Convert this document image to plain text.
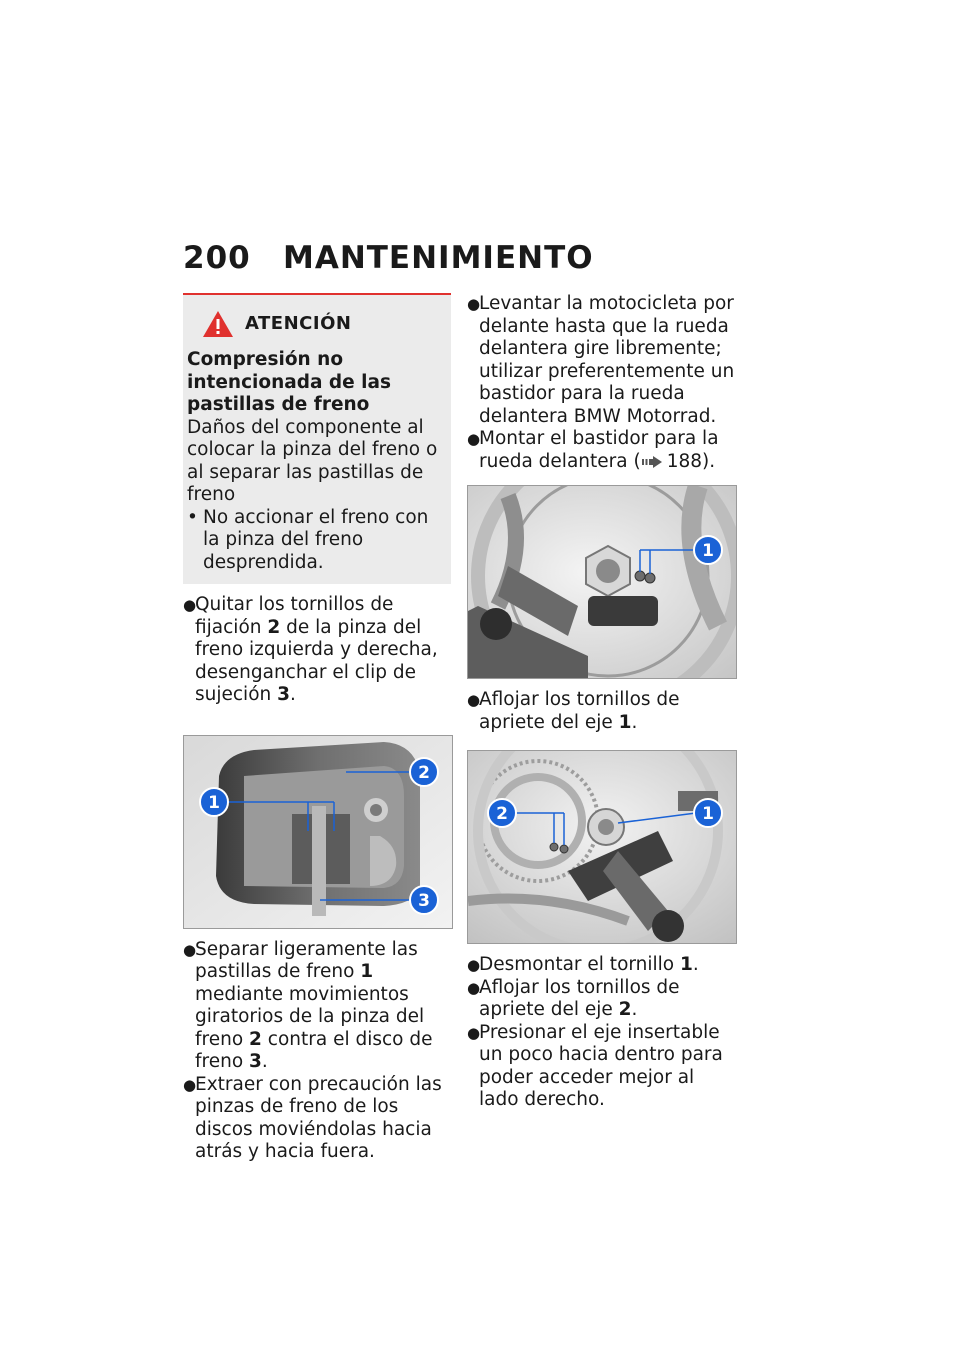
200 MANTENIMIENTO
ATENCIÓN
Compresión no intencionada de las pastillas de freno
Daños del componente al colocar la pinza del freno o al separar las pastillas de freno
• No accionar el freno con la pinza del freno desprendida.
●
Quitar los tornillos de fijación 2 de la pinza del freno izquierda y derecha, desenganchar el clip de sujeción 3.
1
2
3
●
Separar ligeramente las pastillas de freno 1 mediante movimientos giratorios de la pinza del freno 2 contra el disco de freno 3.
●
Extraer con precaución las pinzas de freno de los discos moviéndolas hacia atrás y hacia fuera.
●
Levantar la motocicleta por delante hasta que la rueda delantera gire libremente; utilizar preferentemente un bastidor para la rueda delantera BMW Motorrad.
●
Montar el bastidor para la rueda delantera ( 188).
1
●
Aflojar los tornillos de apriete del eje 1.
2	1
●
Desmontar el tornillo 1.
●
Aflojar los tornillos de apriete del eje 2.
●
Presionar el eje insertable un poco hacia dentro para poder acceder mejor al lado derecho.
